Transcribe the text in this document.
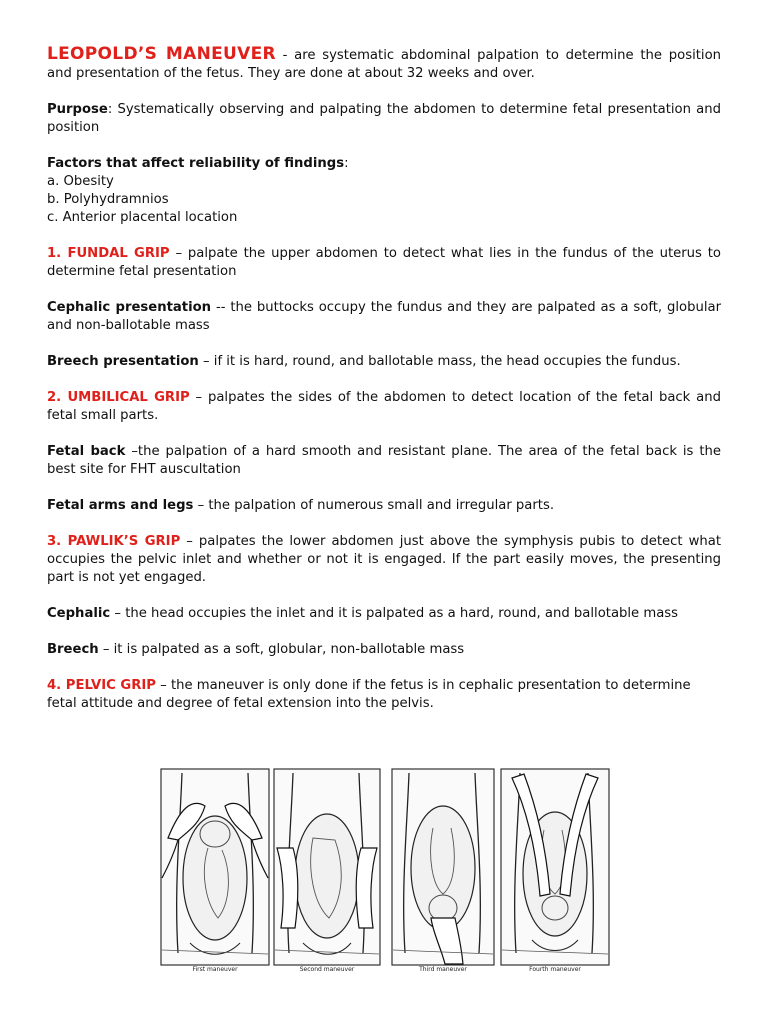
LEOPOLD’S MANEUVER - are systematic abdominal palpation to determine the position and presentation of the fetus. They are done at about 32 weeks and over.

Purpose: Systematically observing and palpating the abdomen to determine fetal presentation and position

Factors that affect reliability of findings:
a. Obesity
b. Polyhydramnios
c. Anterior placental location

1. FUNDAL GRIP – palpate the upper abdomen to detect what lies in the fundus of the uterus to determine fetal presentation

Cephalic presentation -- the buttocks occupy the fundus and they are palpated as a soft, globular and non-ballotable mass

Breech presentation – if it is hard, round, and ballotable mass, the head occupies the fundus.

2. UMBILICAL GRIP – palpates the sides of the abdomen to detect location of the fetal back and fetal small parts.

Fetal back –the palpation of a hard smooth and resistant plane. The area of the fetal back is the best site for FHT auscultation

Fetal arms and legs – the palpation of numerous small and irregular parts.

3. PAWLIK’S GRIP – palpates the lower abdomen just above the symphysis pubis to detect what occupies the pelvic inlet and whether or not it is engaged. If the part easily moves, the presenting part is not yet engaged.

Cephalic – the head occupies the inlet and it is palpated as a hard, round, and ballotable mass

Breech – it is palpated as a soft, globular, non-ballotable mass

4. PELVIC GRIP – the maneuver is only done if the fetus is in cephalic presentation to determine fetal attitude and degree of fetal extension into the pelvis.

First maneuver	Second maneuver	Third maneuver	Fourth maneuver
